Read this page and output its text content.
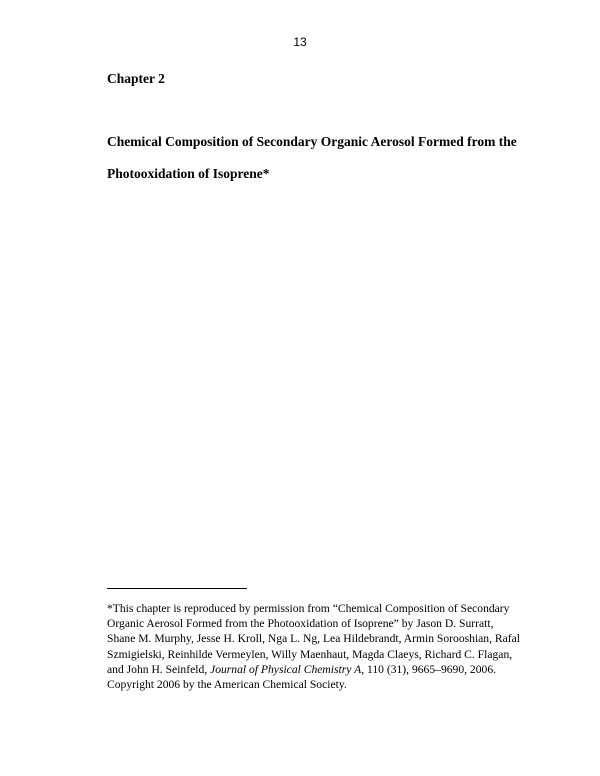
13
Chapter 2
Chemical Composition of Secondary Organic Aerosol Formed from the
Photooxidation of Isoprene*
*This chapter is reproduced by permission from “Chemical Composition of Secondary
Organic Aerosol Formed from the Photooxidation of Isoprene” by Jason D. Surratt,
Shane M. Murphy, Jesse H. Kroll, Nga L. Ng, Lea Hildebrandt, Armin Sorooshian, Rafal
Szmigielski, Reinhilde Vermeylen, Willy Maenhaut, Magda Claeys, Richard C. Flagan,
and John H. Seinfeld, Journal of Physical Chemistry A, 110 (31), 9665–9690, 2006.
Copyright 2006 by the American Chemical Society.
